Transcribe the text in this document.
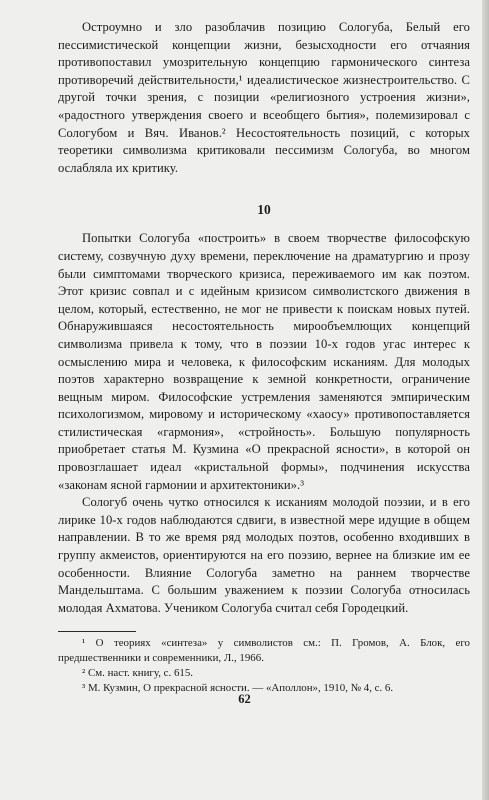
Остроумно и зло разоблачив позицию Сологуба, Белый его пессимистической концепции жизни, безысходности его отчаяния противопоставил умозрительную концепцию гармонического синтеза противоречий действительности,¹ идеалистическое жизнестроительство. С другой точки зрения, с позиции «религиозного устроения жизни», «радостного утверждения своего и всеобщего бытия», полемизировал с Сологубом и Вяч. Иванов.² Несостоятельность позиций, с которых теоретики символизма критиковали пессимизм Сологуба, во многом ослабляла их критику.

10

Попытки Сологуба «построить» в своем творчестве философскую систему, созвучную духу времени, переключение на драматургию и прозу были симптомами творческого кризиса, переживаемого им как поэтом. Этот кризис совпал и с идейным кризисом символистского движения в целом, который, естественно, не мог не привести к поискам новых путей. Обнаружившаяся несостоятельность мирообъемлющих концепций символизма привела к тому, что в поэзии 10-х годов угас интерес к осмыслению мира и человека, к философским исканиям. Для молодых поэтов характерно возвращение к земной конкретности, ограничение вещным миром. Философские устремления заменяются эмпирическим психологизмом, мировому и историческому «хаосу» противопоставляется стилистическая «гармония», «стройность». Большую популярность приобретает статья М. Кузмина «О прекрасной ясности», в которой он провозглашает идеал «кристальной формы», подчинения искусства «законам ясной гармонии и архитектоники».³

Сологуб очень чутко относился к исканиям молодой поэзии, и в его лирике 10-х годов наблюдаются сдвиги, в известной мере идущие в общем направлении. В то же время ряд молодых поэтов, особенно входивших в группу акмеистов, ориентируются на его поэзию, вернее на близкие им ее особенности. Влияние Сологуба заметно на раннем творчестве Мандельштама. С большим уважением к поэзии Сологуба относилась молодая Ахматова. Учеником Сологуба считал себя Городецкий.

¹ О теориях «синтеза» у символистов см.: П. Громов, А. Блок, его предшественники и современники, Л., 1966.

² См. наст. книгу, с. 615.

³ М. Кузмин, О прекрасной ясности. — «Аполлон», 1910, № 4, с. 6.

62
